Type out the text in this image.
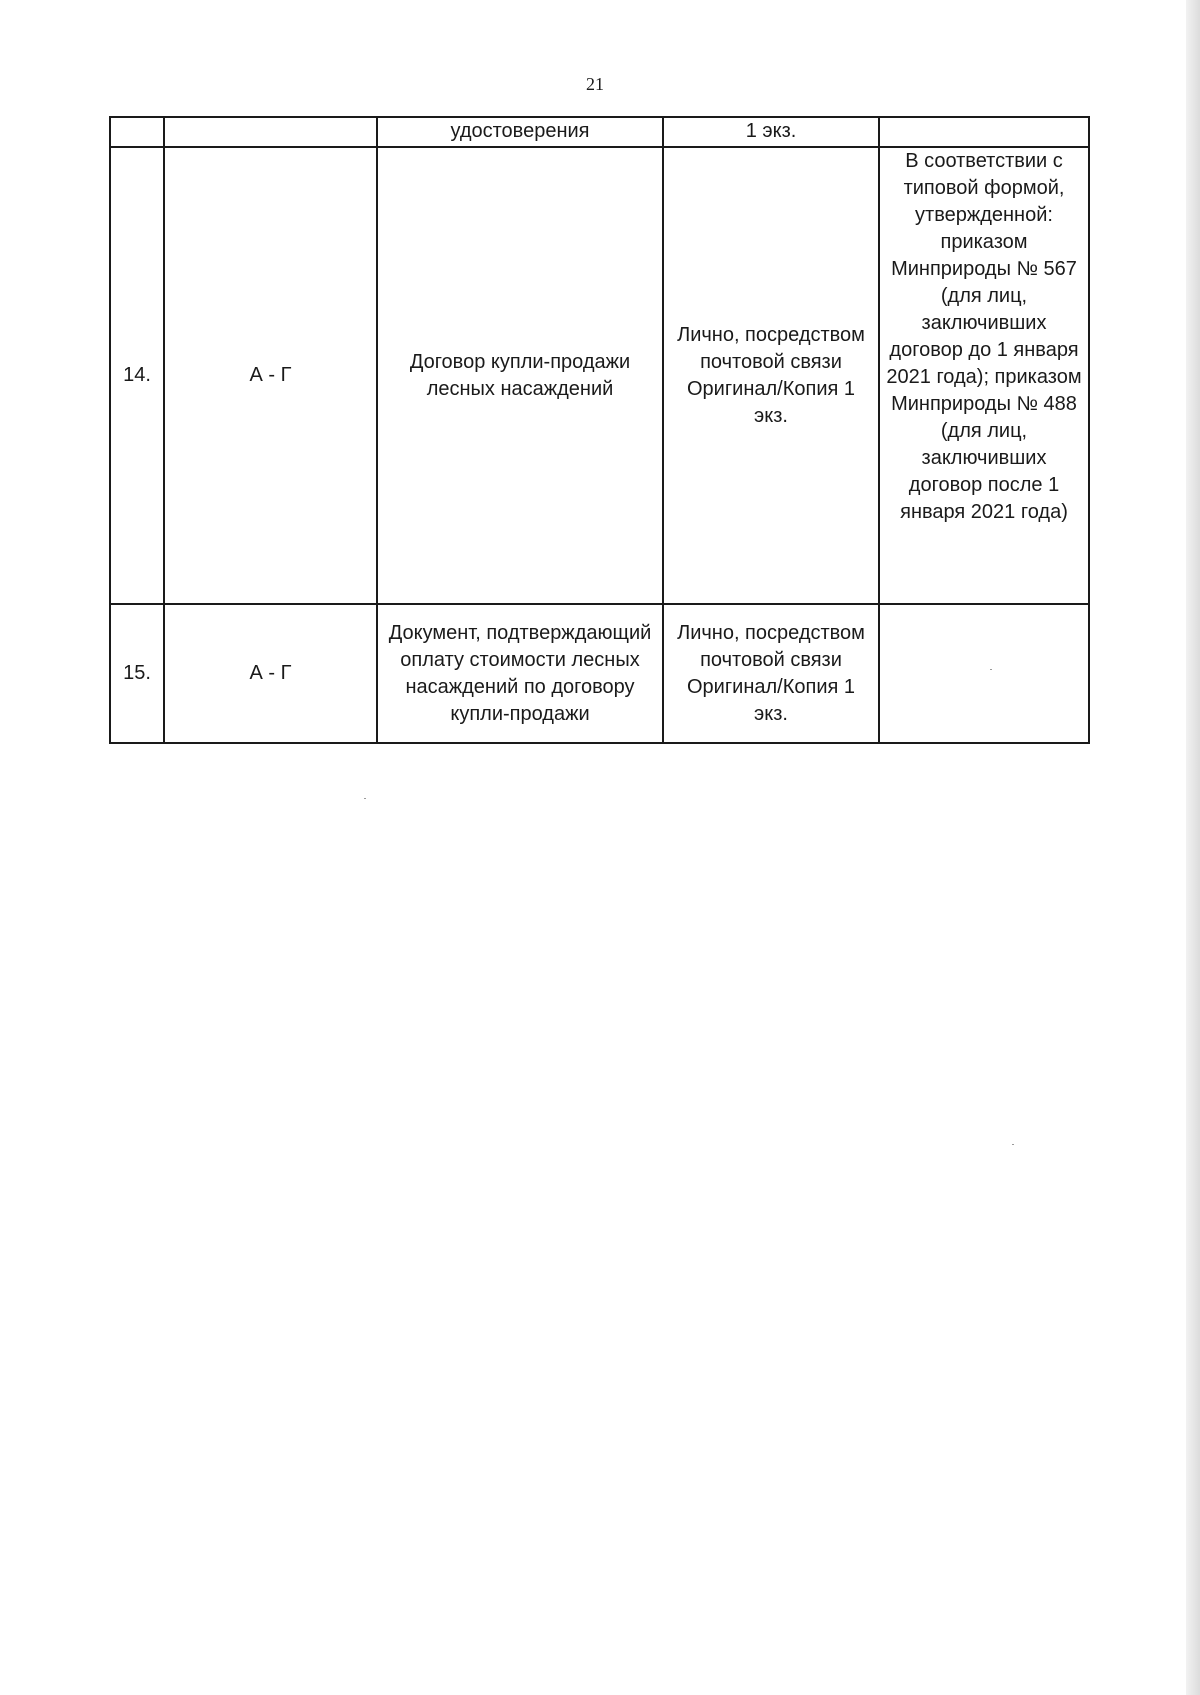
21
		удостоверения	1 экз.	
14.	А - Г	Договор купли-продажи лесных насаждений	Лично, посредством почтовой связи Оригинал/Копия 1 экз.	В соответствии с типовой формой, утвержденной: приказом Минприроды № 567 (для лиц, заключивших договор до 1 января 2021 года); приказом Минприроды № 488 (для лиц, заключивших договор после 1 января 2021 года)
15.	А - Г	Документ, подтверждающий оплату стоимости лесных насаждений по договору купли-продажи	Лично, посредством почтовой связи Оригинал/Копия 1 экз.	
